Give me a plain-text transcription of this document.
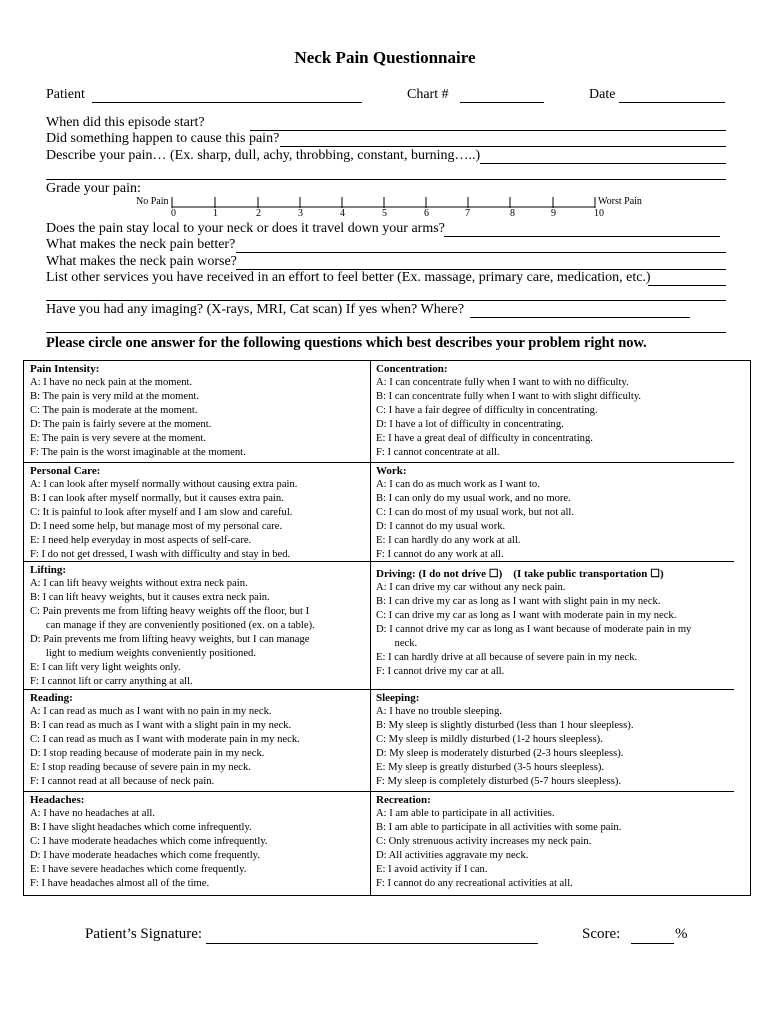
Neck Pain Questionnaire
Patient	Chart #	Date
When did this episode start?
Did something happen to cause this pain?
Describe your pain… (Ex. sharp, dull, achy, throbbing, constant, burning…..)
Grade your pain:
No Pain	Worst Pain
0	1	2	3	4	5	6	7	8	9	10
Does the pain stay local to your neck or does it travel down your arms?
What makes the neck pain better?
What makes the neck pain worse?
List other services you have received in an effort to feel better (Ex. massage, primary care, medication, etc.)
Have you had any imaging? (X-rays, MRI, Cat scan) If yes when? Where?
Please circle one answer for the following questions which best describes your problem right now.
Pain Intensity:
A: I have no neck pain at the moment.
B: The pain is very mild at the moment.
C: The pain is moderate at the moment.
D: The pain is fairly severe at the moment.
E: The pain is very severe at the moment.
F: The pain is the worst imaginable at the moment.
Personal Care:
A: I can look after myself normally without causing extra pain.
B: I can look after myself normally, but it causes extra pain.
C: It is painful to look after myself and I am slow and careful.
D: I need some help, but manage most of my personal care.
E: I need help everyday in most aspects of self-care.
F: I do not get dressed, I wash with difficulty and stay in bed.
Lifting:
A: I can lift heavy weights without extra neck pain.
B: I can lift heavy weights, but it causes extra neck pain.
C: Pain prevents me from lifting heavy weights off the floor, but I
can manage if they are conveniently positioned (ex. on a table).
D: Pain prevents me from lifting heavy weights, but I can manage
light to medium weights conveniently positioned.
E: I can lift very light weights only.
F: I cannot lift or carry anything at all.
Reading:
A: I can read as much as I want with no pain in my neck.
B: I can read as much as I want with a slight pain in my neck.
C: I can read as much as I want with moderate pain in my neck.
D: I stop reading because of moderate pain in my neck.
E: I stop reading because of severe pain in my neck.
F: I cannot read at all because of neck pain.
Headaches:
A: I have no headaches at all.
B: I have slight headaches which come infrequently.
C: I have moderate headaches which come infrequently.
D: I have moderate headaches which come frequently.
E: I have severe headaches which come frequently.
F: I have headaches almost all of the time.
Concentration:
A: I can concentrate fully when I want to with no difficulty.
B: I can concentrate fully when I want to with slight difficulty.
C: I have a fair degree of difficulty in concentrating.
D: I have a lot of difficulty in concentrating.
E: I have a great deal of difficulty in concentrating.
F: I cannot concentrate at all.
Work:
A: I can do as much work as I want to.
B: I can only do my usual work, and no more.
C: I can do most of my usual work, but not all.
D: I cannot do my usual work.
E: I can hardly do any work at all.
F: I cannot do any work at all.
Driving: (I do not drive ☐)    (I take public transportation ☐)
A: I can drive my car without any neck pain.
B: I can drive my car as long as I want with slight pain in my neck.
C: I can drive my car as long as I want with moderate pain in my neck.
D: I cannot drive my car as long as I want because of moderate pain in my
neck.
E: I can hardly drive at all because of severe pain in my neck.
F: I cannot drive my car at all.
Sleeping:
A: I have no trouble sleeping.
B: My sleep is slightly disturbed (less than 1 hour sleepless).
C: My sleep is mildly disturbed (1-2 hours sleepless).
D: My sleep is moderately disturbed (2-3 hours sleepless).
E: My sleep is greatly disturbed (3-5 hours sleepless).
F: My sleep is completely disturbed (5-7 hours sleepless).
Recreation:
A: I am able to participate in all activities.
B: I am able to participate in all activities with some pain.
C: Only strenuous activity increases my neck pain.
D: All activities aggravate my neck.
E: I avoid activity if I can.
F: I cannot do any recreational activities at all.
Patient’s Signature:	Score:	%
